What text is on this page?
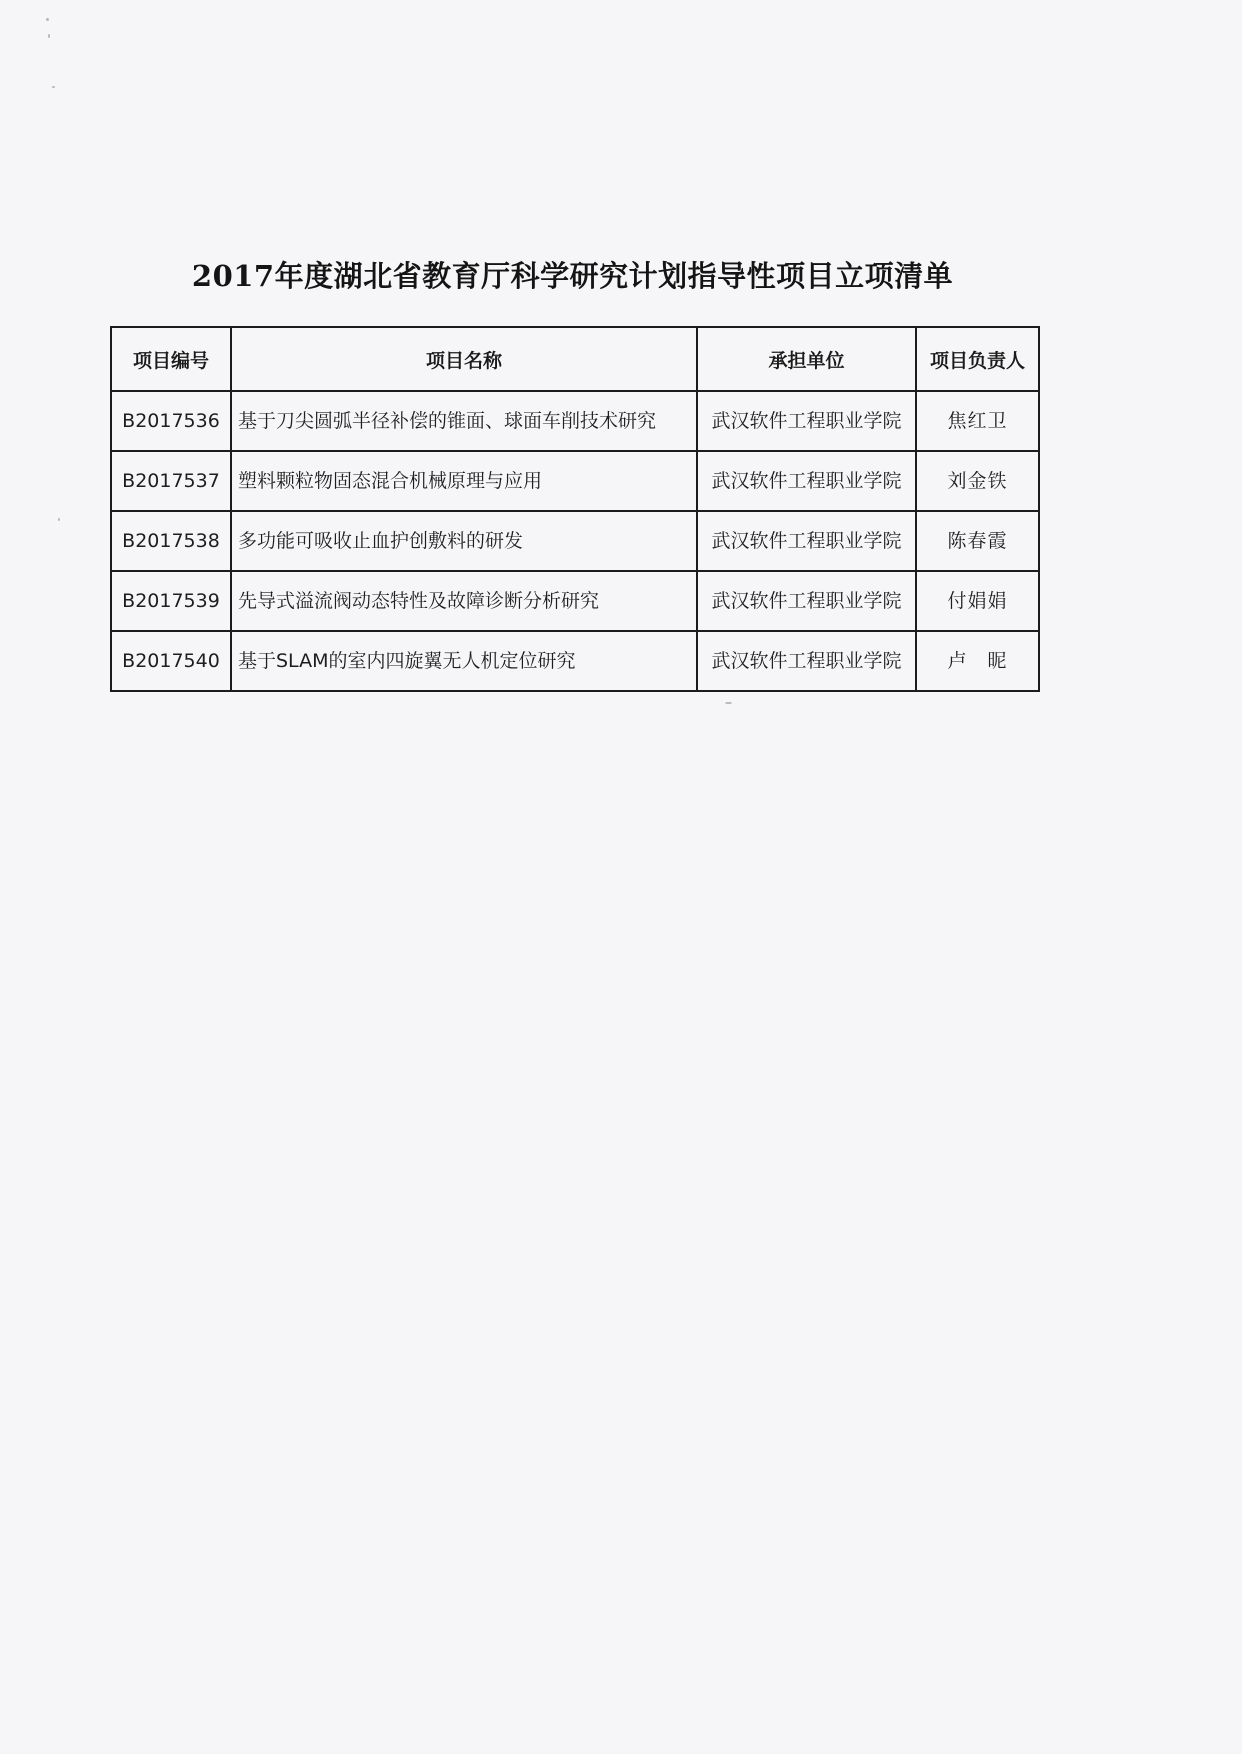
2017年度湖北省教育厅科学研究计划指导性项目立项清单
项目编号	项目名称	承担单位	项目负责人
B2017536	基于刀尖圆弧半径补偿的锥面、球面车削技术研究	武汉软件工程职业学院	焦红卫
B2017537	塑料颗粒物固态混合机械原理与应用	武汉软件工程职业学院	刘金铁
B2017538	多功能可吸收止血护创敷料的研发	武汉软件工程职业学院	陈春霞
B2017539	先导式溢流阀动态特性及故障诊断分析研究	武汉软件工程职业学院	付娟娟
B2017540	基于SLAM的室内四旋翼无人机定位研究	武汉软件工程职业学院	卢　昵
